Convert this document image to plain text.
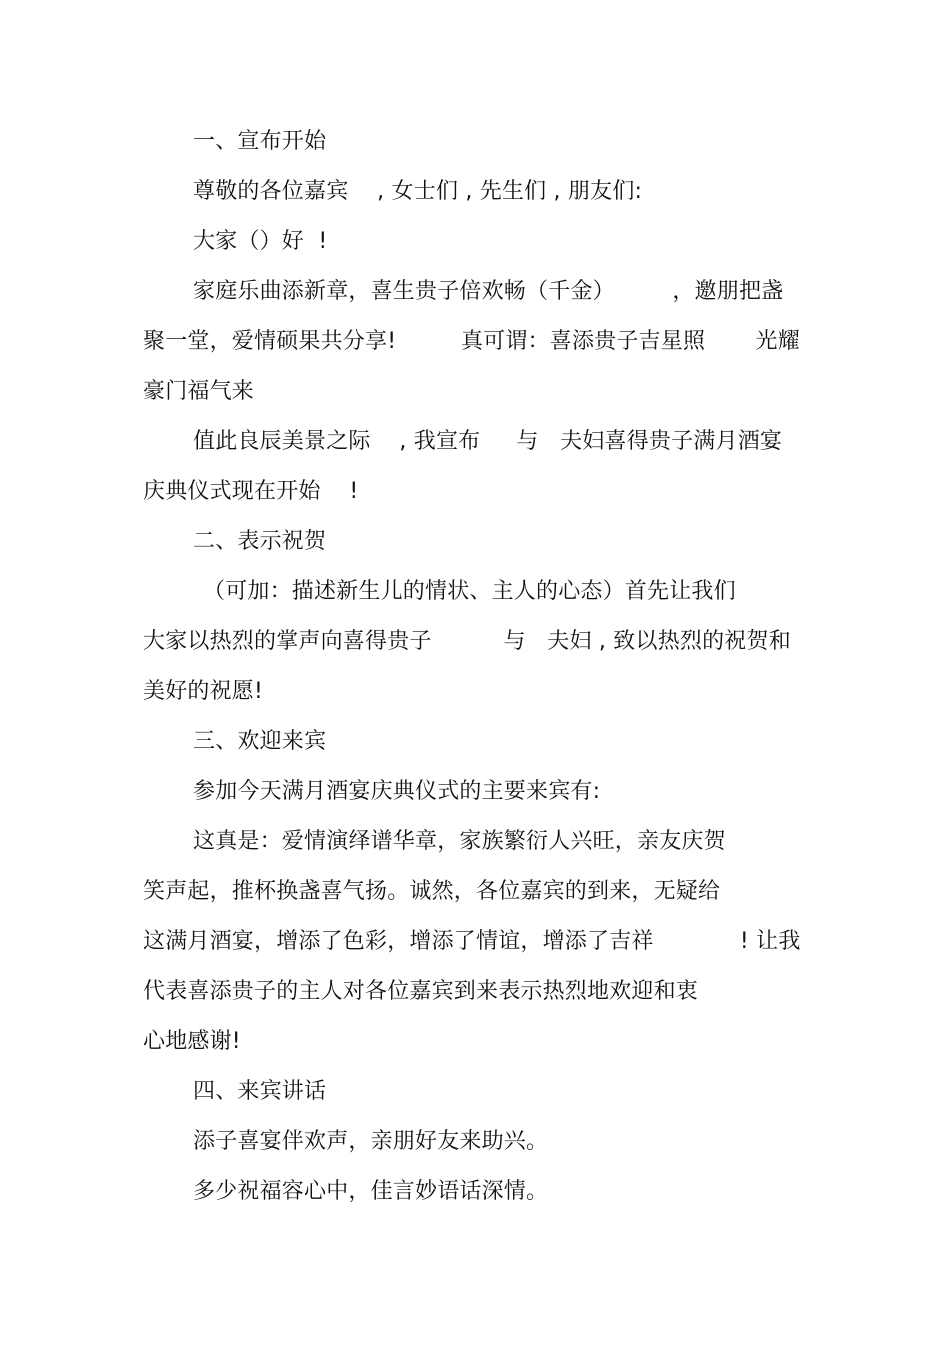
一、宣布开始

尊敬的各位嘉宾    , 女士们 , 先生们 , 朋友们:

大家（）好  !

家庭乐曲添新章，喜生贵子倍欢畅（千金）        ，邀朋把盏

聚一堂，爱情硕果共分享!         真可谓：喜添贵子吉星照       光耀

豪门福气来

值此良辰美景之际    , 我宣布     与   夫妇喜得贵子满月酒宴

庆典仪式现在开始    !

二、表示祝贺

（可加：描述新生儿的情状、主人的心态）首先让我们

大家以热烈的掌声向喜得贵子          与   夫妇 , 致以热烈的祝贺和

美好的祝愿!

三、欢迎来宾

参加今天满月酒宴庆典仪式的主要来宾有:

这真是：爱情演绎谱华章，家族繁衍人兴旺，亲友庆贺

笑声起，推杯换盏喜气扬。诚然，各位嘉宾的到来，无疑给

这满月酒宴，增添了色彩，增添了情谊，增添了吉祥            ! 让我

代表喜添贵子的主人对各位嘉宾到来表示热烈地欢迎和衷

心地感谢!

四、来宾讲话

添子喜宴伴欢声，亲朋好友来助兴。

多少祝福容心中，佳言妙语话深情。
